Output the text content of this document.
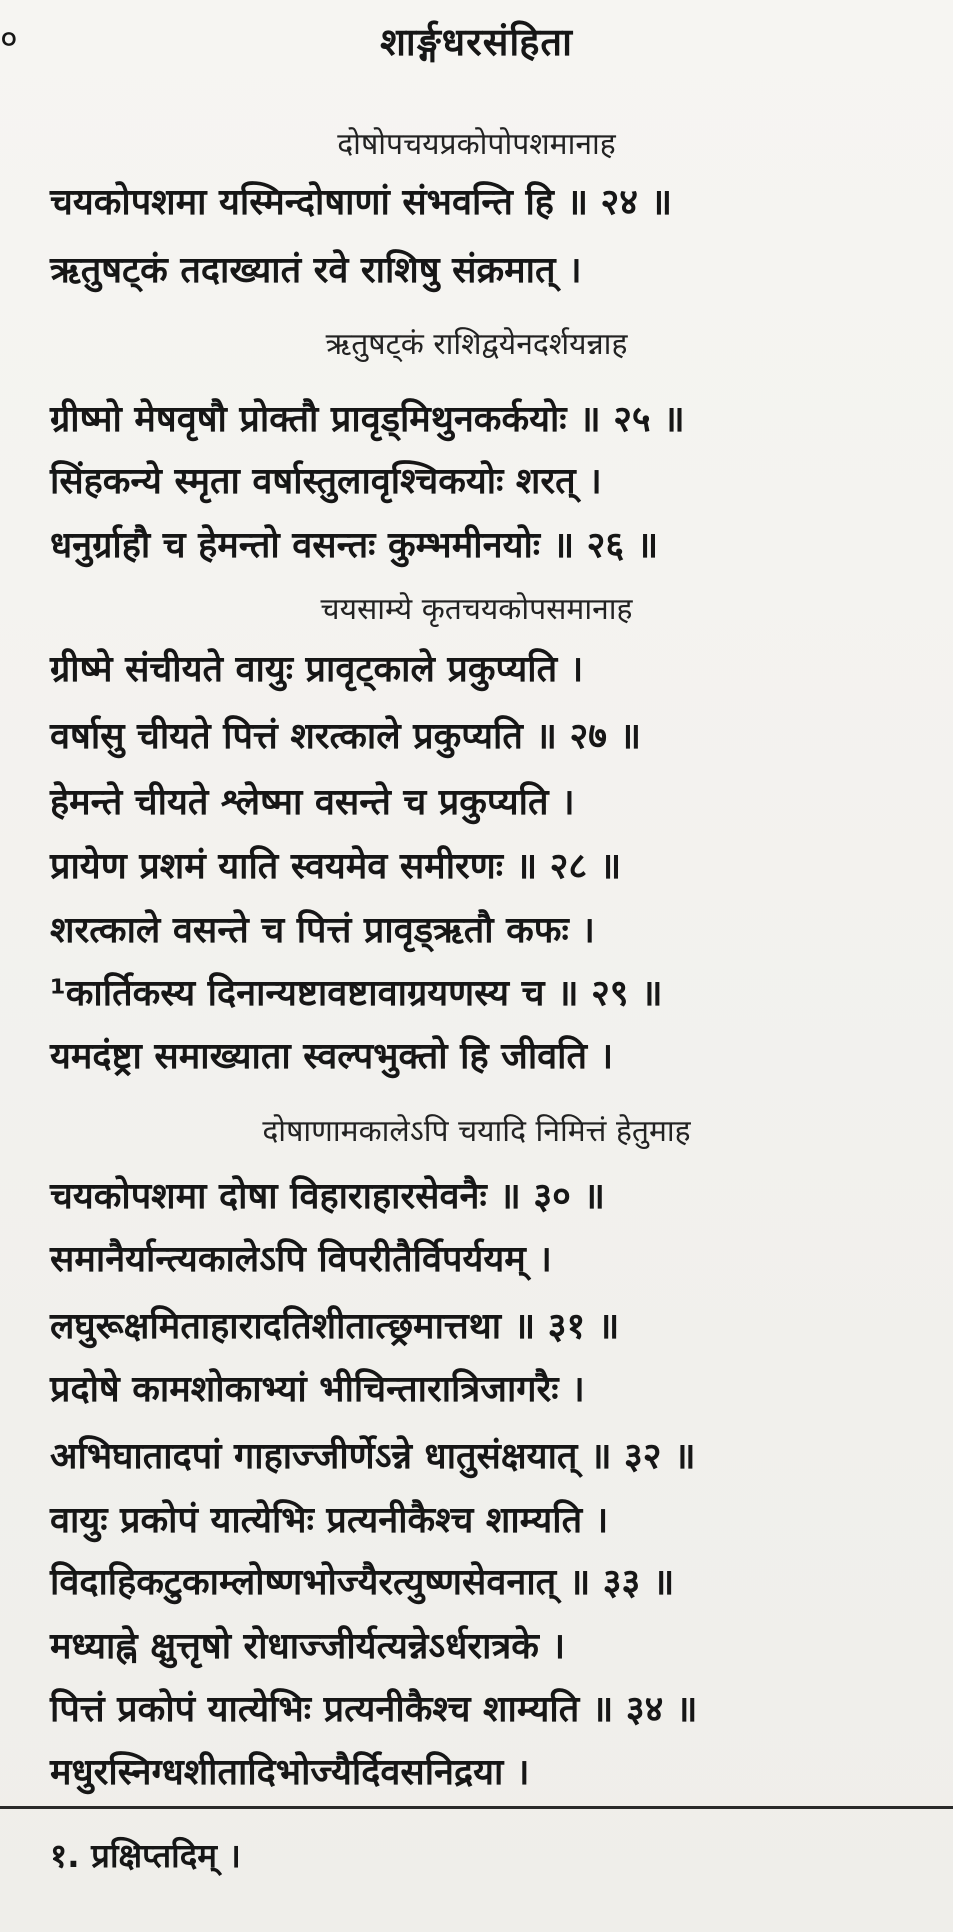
०	शार्ङ्गधरसंहिता
दोषोपचयप्रकोपोपशमानाह
चयकोपशमा यस्मिन्दोषाणां संभवन्ति हि ॥ २४ ॥
ऋतुषट्कं तदाख्यातं रवे राशिषु संक्रमात् ।
ऋतुषट्कं राशिद्वयेनदर्शयन्नाह
ग्रीष्मो मेषवृषौ प्रोक्तौ प्रावृड्मिथुनकर्कयोः ॥ २५ ॥
सिंहकन्ये स्मृता वर्षास्तुलावृश्चिकयोः शरत् ।
धनुर्ग्राहौ च हेमन्तो वसन्तः कुम्भमीनयोः ॥ २६ ॥
चयसाम्ये कृतचयकोपसमानाह
ग्रीष्मे संचीयते वायुः प्रावृट्काले प्रकुप्यति ।
वर्षासु चीयते पित्तं शरत्काले प्रकुप्यति ॥ २७ ॥
हेमन्ते चीयते श्लेष्मा वसन्ते च प्रकुप्यति ।
प्रायेण प्रशमं याति स्वयमेव समीरणः ॥ २८ ॥
शरत्काले वसन्ते च पित्तं प्रावृड्ऋतौ कफः ।
¹कार्तिकस्य दिनान्यष्टावष्टावाग्रयणस्य च ॥ २९ ॥
यमदंष्ट्रा समाख्याता स्वल्पभुक्तो हि जीवति ।
दोषाणामकालेऽपि चयादि निमित्तं हेतुमाह
चयकोपशमा दोषा विहाराहारसेवनैः ॥ ३० ॥
समानैर्यान्त्यकालेऽपि विपरीतैर्विपर्ययम् ।
लघुरूक्षमिताहारादतिशीतात्छ्रमात्तथा ॥ ३१ ॥
प्रदोषे कामशोकाभ्यां भीचिन्तारात्रिजागरैः ।
अभिघातादपां गाहाज्जीर्णेऽन्ने धातुसंक्षयात् ॥ ३२ ॥
वायुः प्रकोपं यात्येभिः प्रत्यनीकैश्च शाम्यति ।
विदाहिकटुकाम्लोष्णभोज्यैरत्युष्णसेवनात् ॥ ३३ ॥
मध्याह्ने क्षुत्तृषो रोधाज्जीर्यत्यन्नेऽर्धरात्रके ।
पित्तं प्रकोपं यात्येभिः प्रत्यनीकैश्च शाम्यति ॥ ३४ ॥
मधुरस्निग्धशीतादिभोज्यैर्दिवसनिद्रया ।
१. प्रक्षिप्तदिम् ।
